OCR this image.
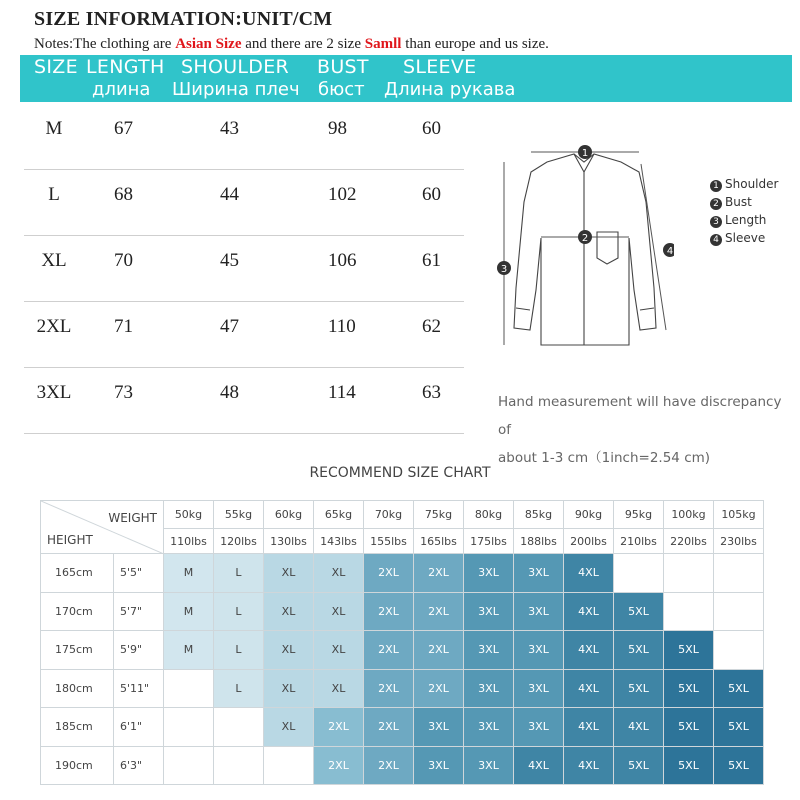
SIZE INFORMATION:UNIT/CM
Notes:The clothing are Asian Size and there are 2 size Samll than europe and us size.
SIZE LENGTH SHOULDER BUST SLEEVE
длина Ширина плеч бюст Длина рукава
M	67	43	98	60
L	68	44	102	60
XL	70	45	106	61
2XL	71	47	110	62
3XL	73	48	114	63
1
2
3
4
1 Shoulder
2 Bust
3 Length
4 Sleeve
Hand measurement will have discrepancy of
about 1-3 cm（1inch=2.54 cm)
RECOMMEND SIZE CHART
WEIGHT
HEIGHT		50kg	55kg	60kg	65kg	70kg	75kg	80kg	85kg	90kg	95kg	100kg	105kg
		110lbs	120lbs	130lbs	143lbs	155lbs	165lbs	175lbs	188lbs	200lbs	210lbs	220lbs	230lbs
165cm	5'5"	M	L	XL	XL	2XL	2XL	3XL	3XL	4XL			
170cm	5'7"	M	L	XL	XL	2XL	2XL	3XL	3XL	4XL	5XL		
175cm	5'9"	M	L	XL	XL	2XL	2XL	3XL	3XL	4XL	5XL	5XL	
180cm	5'11"		L	XL	XL	2XL	2XL	3XL	3XL	4XL	5XL	5XL	5XL
185cm	6'1"			XL	2XL	2XL	3XL	3XL	3XL	4XL	4XL	5XL	5XL
190cm	6'3"				2XL	2XL	3XL	3XL	4XL	4XL	5XL	5XL	5XL
